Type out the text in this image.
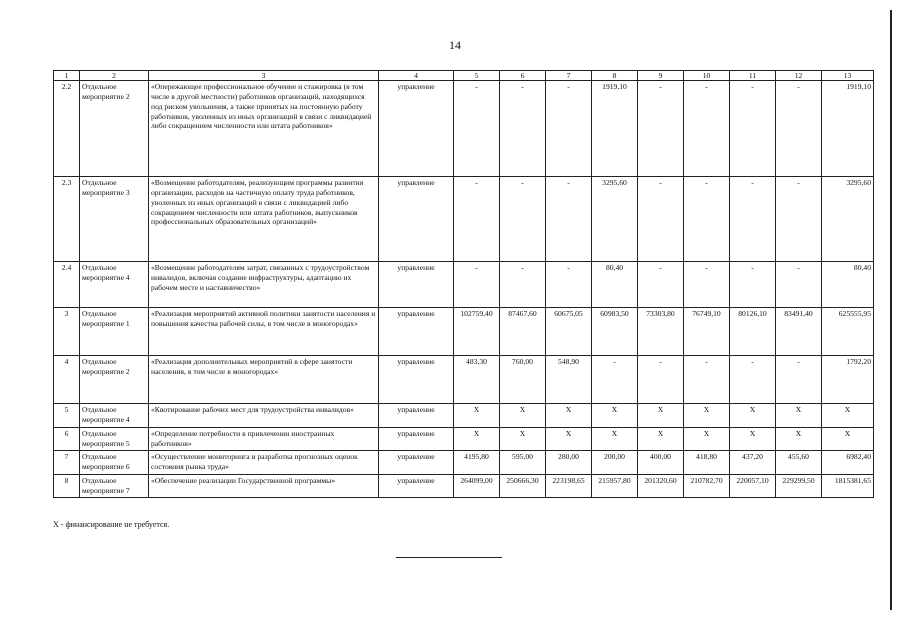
14
1	2	3	4	5	6	7	8	9	10	11	12	13
2.2	Отдельное мероприятие 2	«Опережающее профессиональное обучение и стажировка (в том числе в другой местности) работников организаций, находящихся под риском увольнения, а также принятых на постоянную работу работников, уволенных из иных организаций в связи с ликвидацией либо сокращением численности или штата работников»	управление	-	-	-	1919,10	-	-	-	-	1919,10
2.3	Отдельное мероприятие 3	«Возмещение работодателям, реализующим программы развития организации, расходов на частичную оплату труда работников, уволенных из иных организаций в связи с ликвидацией либо сокращением численности или штата работников, выпускников профессиональных образовательных организаций»	управление	-	-	-	3295,60	-	-	-	-	3295,60
2.4	Отдельное мероприятие 4	«Возмещение работодателям затрат, связанных с трудоустройством инвалидов, включая создание инфраструктуры, адаптацию их рабочем месте и наставничество»	управление	-	-	-	80,40	-	-	-	-	80,40
3	Отдельное мероприятие 1	«Реализация мероприятий активной политики занятости населения и повышения качества рабочей силы, в том числе в моногородах»	управление	102759,40	87467,60	60675,05	60983,50	73303,80	76749,10	80126,10	83491,40	625555,95
4	Отдельное мероприятие 2	«Реализация дополнительных мероприятий в сфере занятости населения, в том числе в моногородах»	управление	483,30	760,00	548,90	-	-	-	-	-	1792,20
5	Отдельное мероприятие 4	«Квотирование рабочих мест для трудоустройства инвалидов»	управление	X	X	X	X	X	X	X	X	X
6	Отдельное мероприятие 5	«Определение потребности в привлечении иностранных работников»	управление	X	X	X	X	X	X	X	X	X
7	Отдельное мероприятие 6	«Осуществление мониторинга и разработка прогнозных оценок состояния рынка труда»	управление	4195,80	595,00	280,00	200,00	400,00	418,80	437,20	455,60	6982,40
8	Отдельное мероприятие 7	«Обеспечение реализации Государственной программы»	управление	264099,00	250666,30	223198,65	215957,80	201320,60	210782,70	220057,10	229299,50	1815381,65
Х - финансирование не требуется.
